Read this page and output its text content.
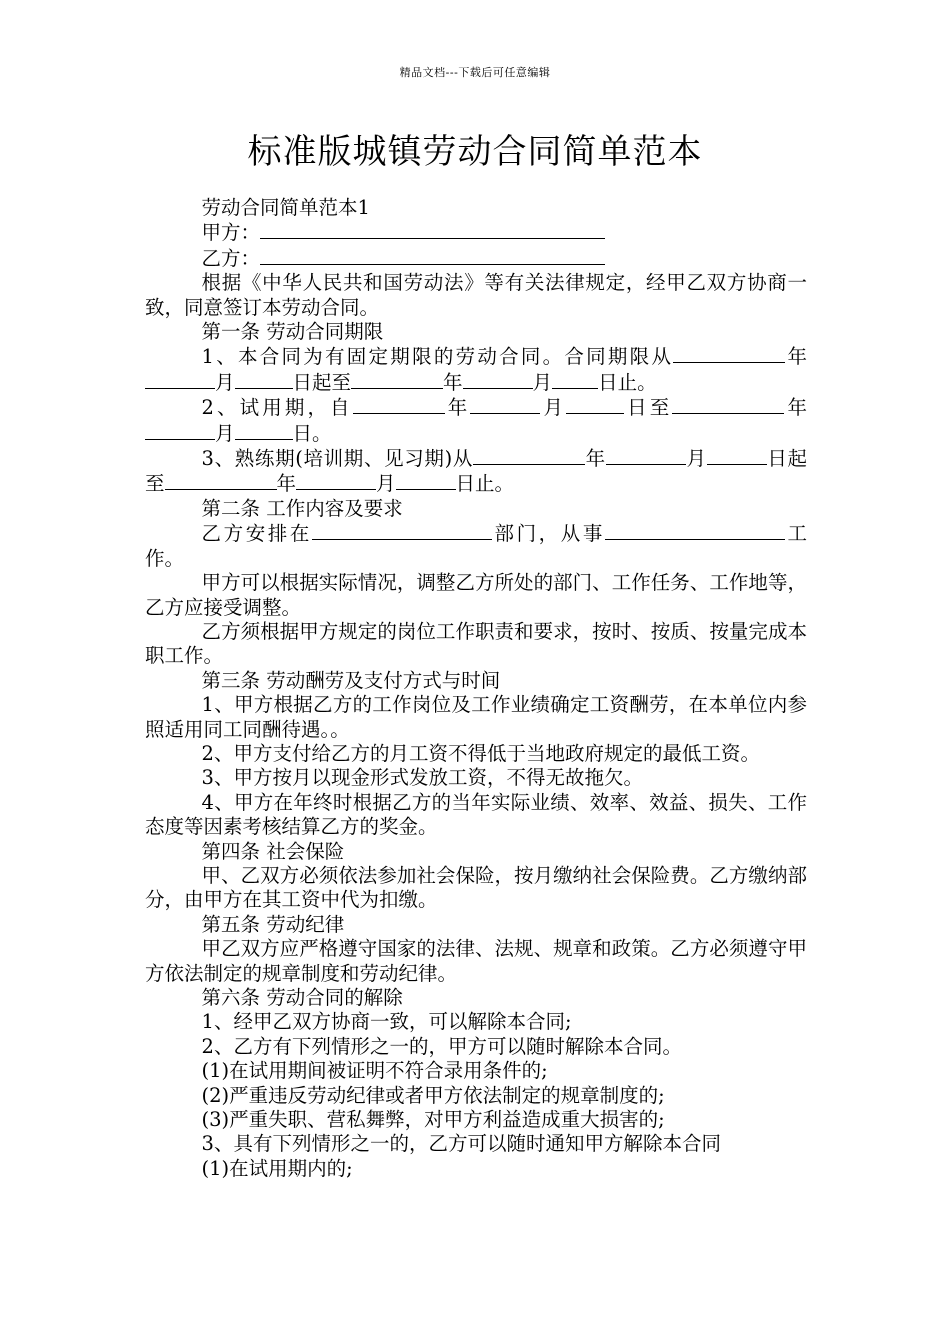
精品文档---下载后可任意编辑
标准版城镇劳动合同简单范本

劳动合同简单范本1

甲方：

乙方：

根据《中华人民共和国劳动法》等有关法律规定，经甲乙双方协商一致，同意签订本劳动合同。

第一条 劳动合同期限

1、本合同为有固定期限的劳动合同。合同期限从	年月	日起至	年	月 日止。

2、试用期，自	年	月	日至	年月	日。

3、熟练期(培训期、见习期)从	年	月	日起至	年	月	日止。

第二条 工作内容及要求

乙方安排在	部门，从事	工作。

甲方可以根据实际情况，调整乙方所处的部门、工作任务、工作地等，乙方应接受调整。

乙方须根据甲方规定的岗位工作职责和要求，按时、按质、按量完成本职工作。

第三条 劳动酬劳及支付方式与时间

1、甲方根据乙方的工作岗位及工作业绩确定工资酬劳，在本单位内参照适用同工同酬待遇。。

2、甲方支付给乙方的月工资不得低于当地政府规定的最低工资。

3、甲方按月以现金形式发放工资，不得无故拖欠。

4、甲方在年终时根据乙方的当年实际业绩、效率、效益、损失、工作态度等因素考核结算乙方的奖金。

第四条 社会保险

甲、乙双方必须依法参加社会保险，按月缴纳社会保险费。乙方缴纳部分，由甲方在其工资中代为扣缴。

第五条 劳动纪律

甲乙双方应严格遵守国家的法律、法规、规章和政策。乙方必须遵守甲方依法制定的规章制度和劳动纪律。

第六条 劳动合同的解除

1、经甲乙双方协商一致，可以解除本合同;

2、乙方有下列情形之一的，甲方可以随时解除本合同。

(1)在试用期间被证明不符合录用条件的;

(2)严重违反劳动纪律或者甲方依法制定的规章制度的;

(3)严重失职、营私舞弊，对甲方利益造成重大损害的;

3、具有下列情形之一的，乙方可以随时通知甲方解除本合同

(1)在试用期内的;
